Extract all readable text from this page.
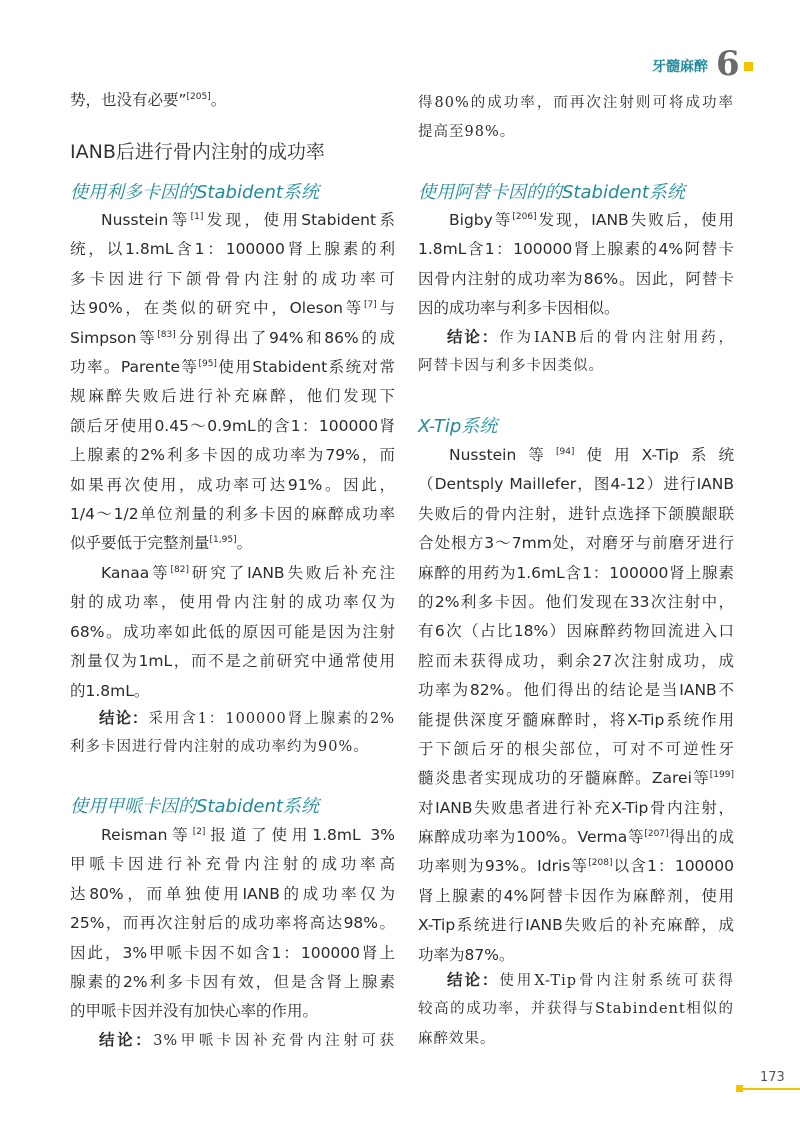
牙髓麻醉 6
势，也没有必要”[205]。
IANB后进行骨内注射的成功率
使用利多卡因的Stabident系统
Nusstein等[1]发现，使用Stabident系
统，以1.8mL含1：100000肾上腺素的利
多卡因进行下颌骨骨内注射的成功率可
达90%，在类似的研究中，Oleson等[7]与
Simpson等[83]分别得出了94%和86%的成
功率。Parente等[95]使用Stabident系统对常
规麻醉失败后进行补充麻醉，他们发现下
颌后牙使用0.45～0.9mL的含1：100000肾
上腺素的2%利多卡因的成功率为79%，而
如果再次使用，成功率可达91%。因此，
1/4～1/2单位剂量的利多卡因的麻醉成功率
似乎要低于完整剂量[1,95]。
Kanaa等[82]研究了IANB失败后补充注
射的成功率，使用骨内注射的成功率仅为
68%。成功率如此低的原因可能是因为注射
剂量仅为1mL，而不是之前研究中通常使用
的1.8mL。
结论：采用含1：100000肾上腺素的2%
利多卡因进行骨内注射的成功率约为90%。
使用甲哌卡因的Stabident系统
Reisman等[2]报道了使用1.8mL 3%
甲哌卡因进行补充骨内注射的成功率高
达80%，而单独使用IANB的成功率仅为
25%，而再次注射后的成功率将高达98%。
因此，3%甲哌卡因不如含1：100000肾上
腺素的2%利多卡因有效，但是含肾上腺素
的甲哌卡因并没有加快心率的作用。
结论：3%甲哌卡因补充骨内注射可获
得80%的成功率，而再次注射则可将成功率
提高至98%。
使用阿替卡因的的Stabident系统
Bigby等[206]发现，IANB失败后，使用
1.8mL含1：100000肾上腺素的4%阿替卡
因骨内注射的成功率为86%。因此，阿替卡
因的成功率与利多卡因相似。
结论：作为IANB后的骨内注射用药，
阿替卡因与利多卡因类似。
X-Tip系统
Nusstein等[94]使用X-Tip系统
（Dentsply Maillefer，图4-12）进行IANB
失败后的骨内注射，进针点选择下颌膜龈联
合处根方3～7mm处，对磨牙与前磨牙进行
麻醉的用药为1.6mL含1：100000肾上腺素
的2%利多卡因。他们发现在33次注射中，
有6次（占比18%）因麻醉药物回流进入口
腔而未获得成功，剩余27次注射成功，成
功率为82%。他们得出的结论是当IANB不
能提供深度牙髓麻醉时，将X-Tip系统作用
于下颌后牙的根尖部位，可对不可逆性牙
髓炎患者实现成功的牙髓麻醉。Zarei等[199]
对IANB失败患者进行补充X-Tip骨内注射，
麻醉成功率为100%。Verma等[207]得出的成
功率则为93%。Idris等[208]以含1：100000
肾上腺素的4%阿替卡因作为麻醉剂，使用
X-Tip系统进行IANB失败后的补充麻醉，成
功率为87%。
结论：使用X-Tip骨内注射系统可获得
较高的成功率，并获得与Stabindent相似的
麻醉效果。
173
